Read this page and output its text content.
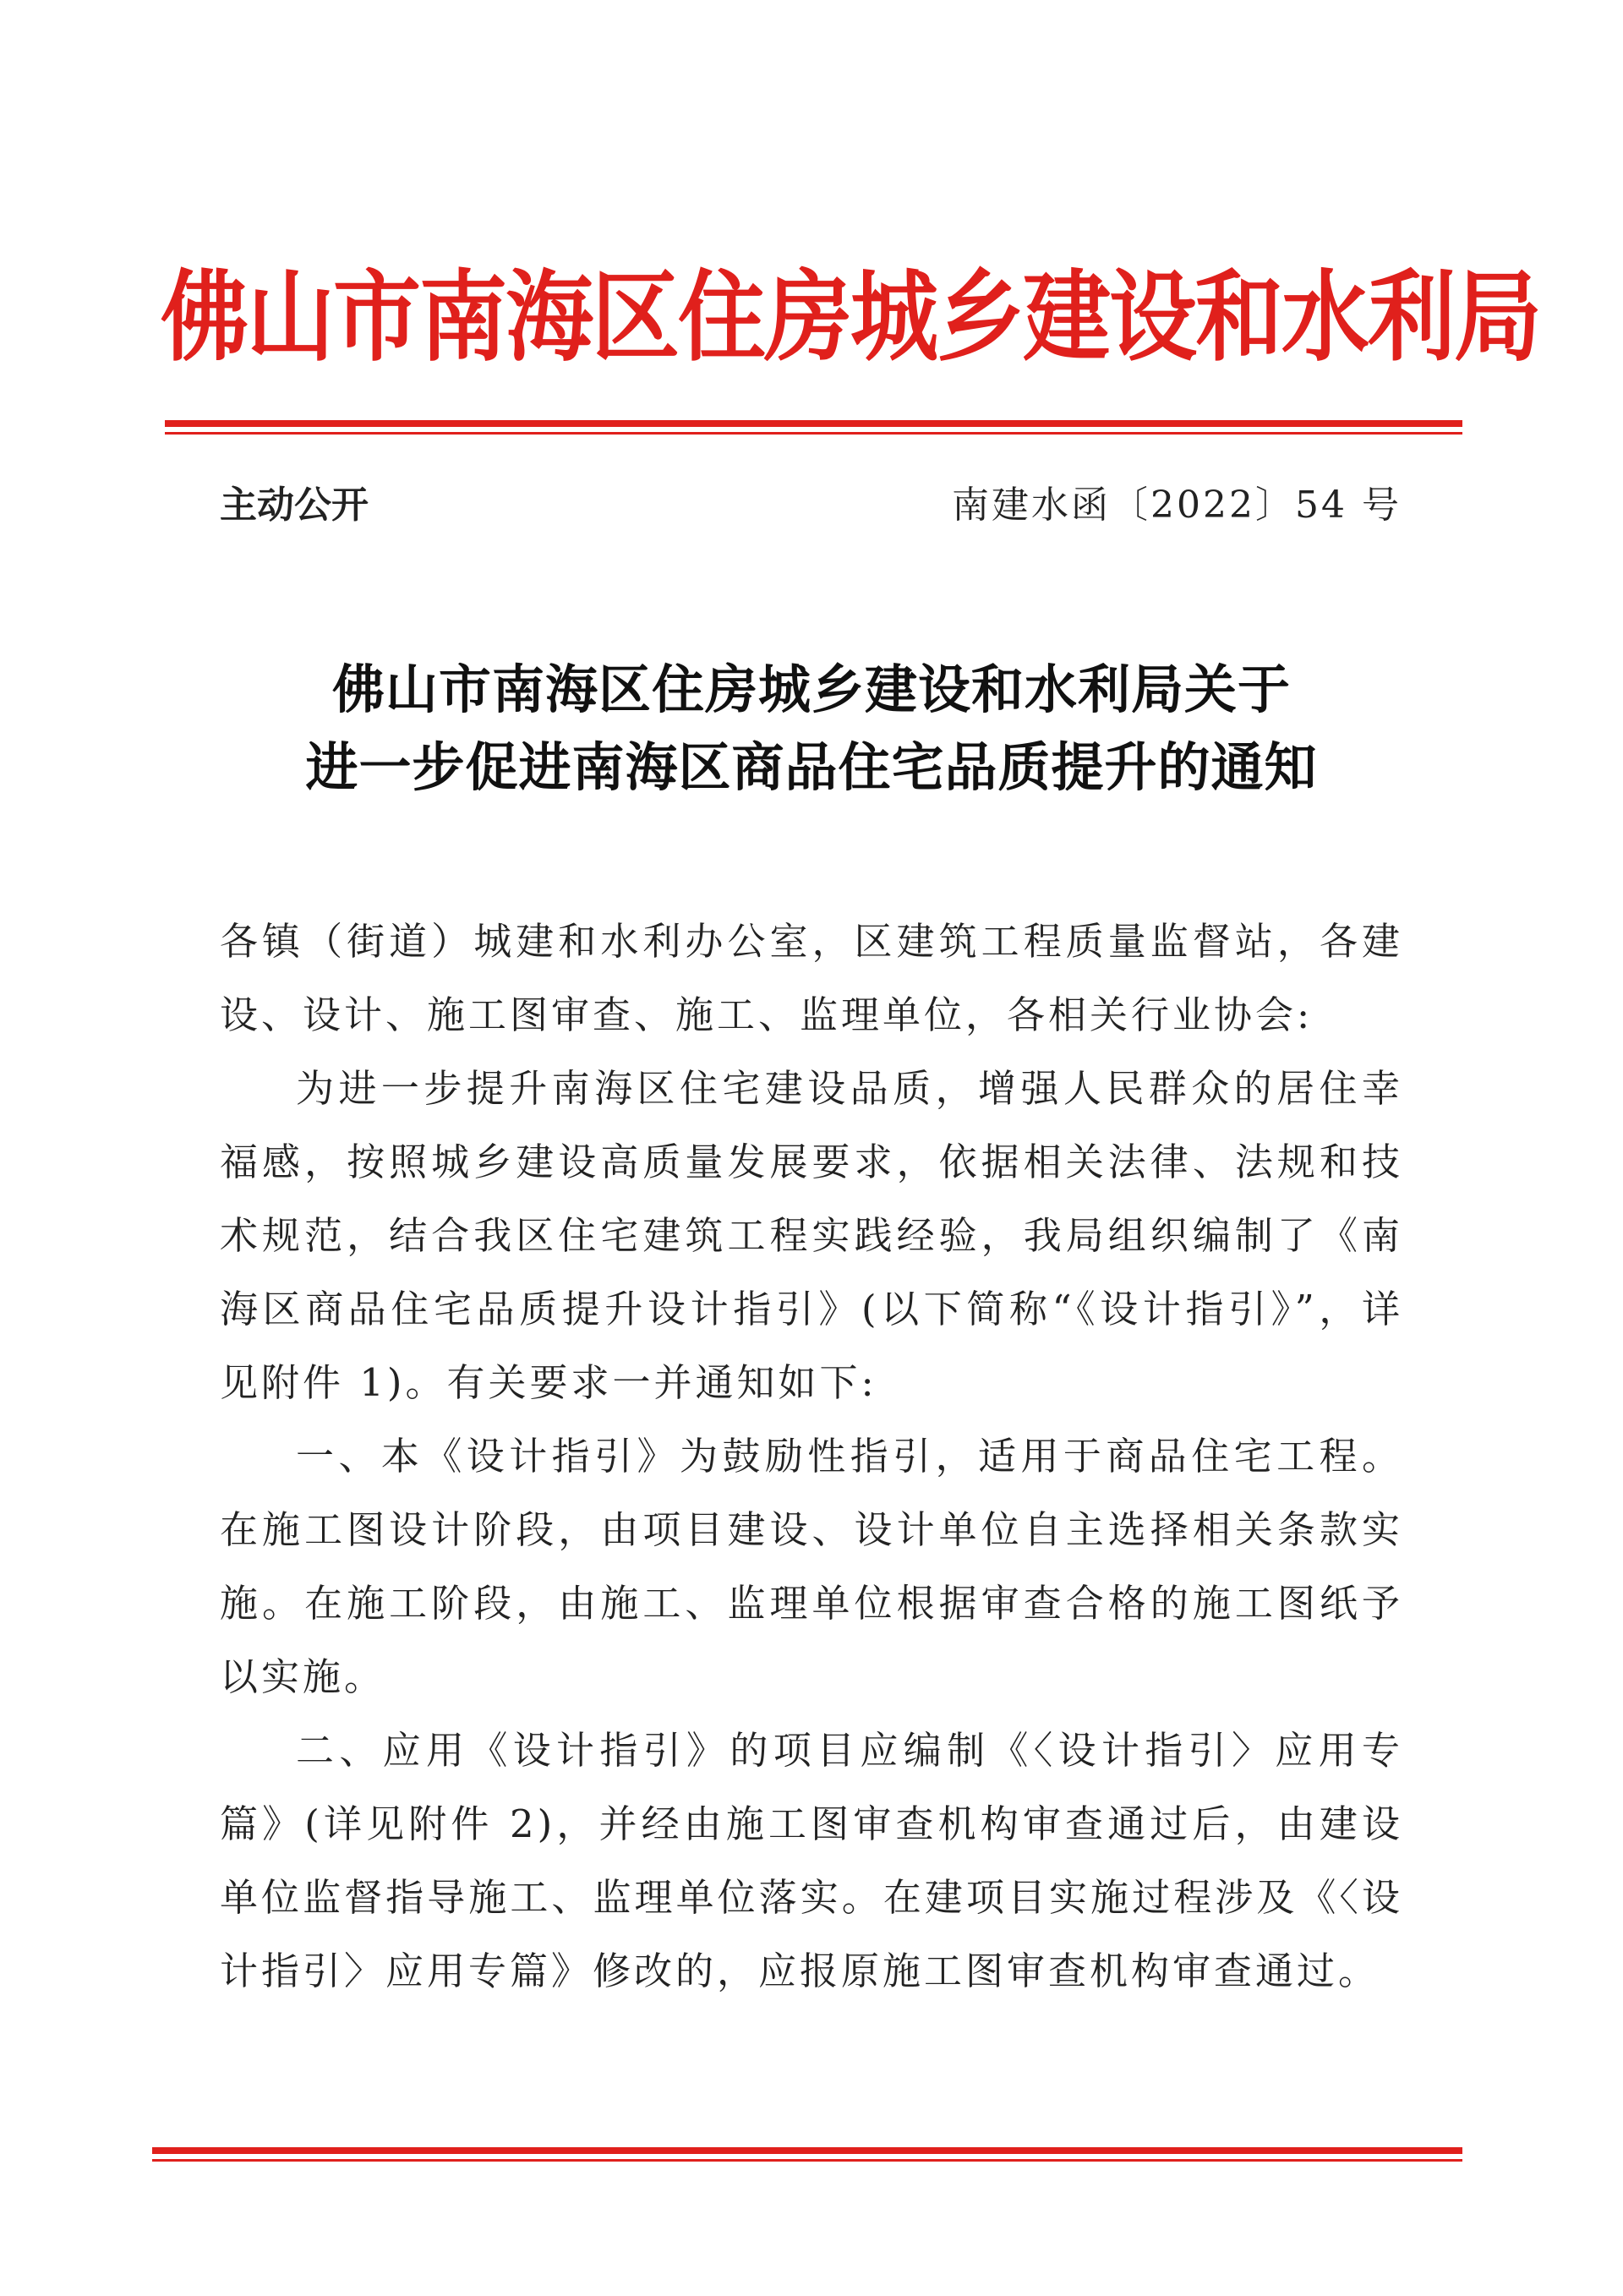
佛山市南海区住房城乡建设和水利局
主动公开	南建水函〔2022〕54 号
佛山市南海区住房城乡建设和水利局关于
进一步促进南海区商品住宅品质提升的通知

各镇（街道）城建和水利办公室，区建筑工程质量监督站，各建设、设计、施工图审查、施工、监理单位，各相关行业协会:

为进一步提升南海区住宅建设品质，增强人民群众的居住幸福感，按照城乡建设高质量发展要求，依据相关法律、法规和技术规范，结合我区住宅建筑工程实践经验，我局组织编制了《南海区商品住宅品质提升设计指引》(以下简称“《设计指引》”，详见附件 1)。有关要求一并通知如下:

一、本《设计指引》为鼓励性指引，适用于商品住宅工程。在施工图设计阶段，由项目建设、设计单位自主选择相关条款实施。在施工阶段，由施工、监理单位根据审查合格的施工图纸予以实施。

二、应用《设计指引》的项目应编制《〈设计指引〉应用专篇》(详见附件 2)，并经由施工图审查机构审查通过后，由建设单位监督指导施工、监理单位落实。在建项目实施过程涉及《〈设计指引〉应用专篇》修改的，应报原施工图审查机构审查通过。
